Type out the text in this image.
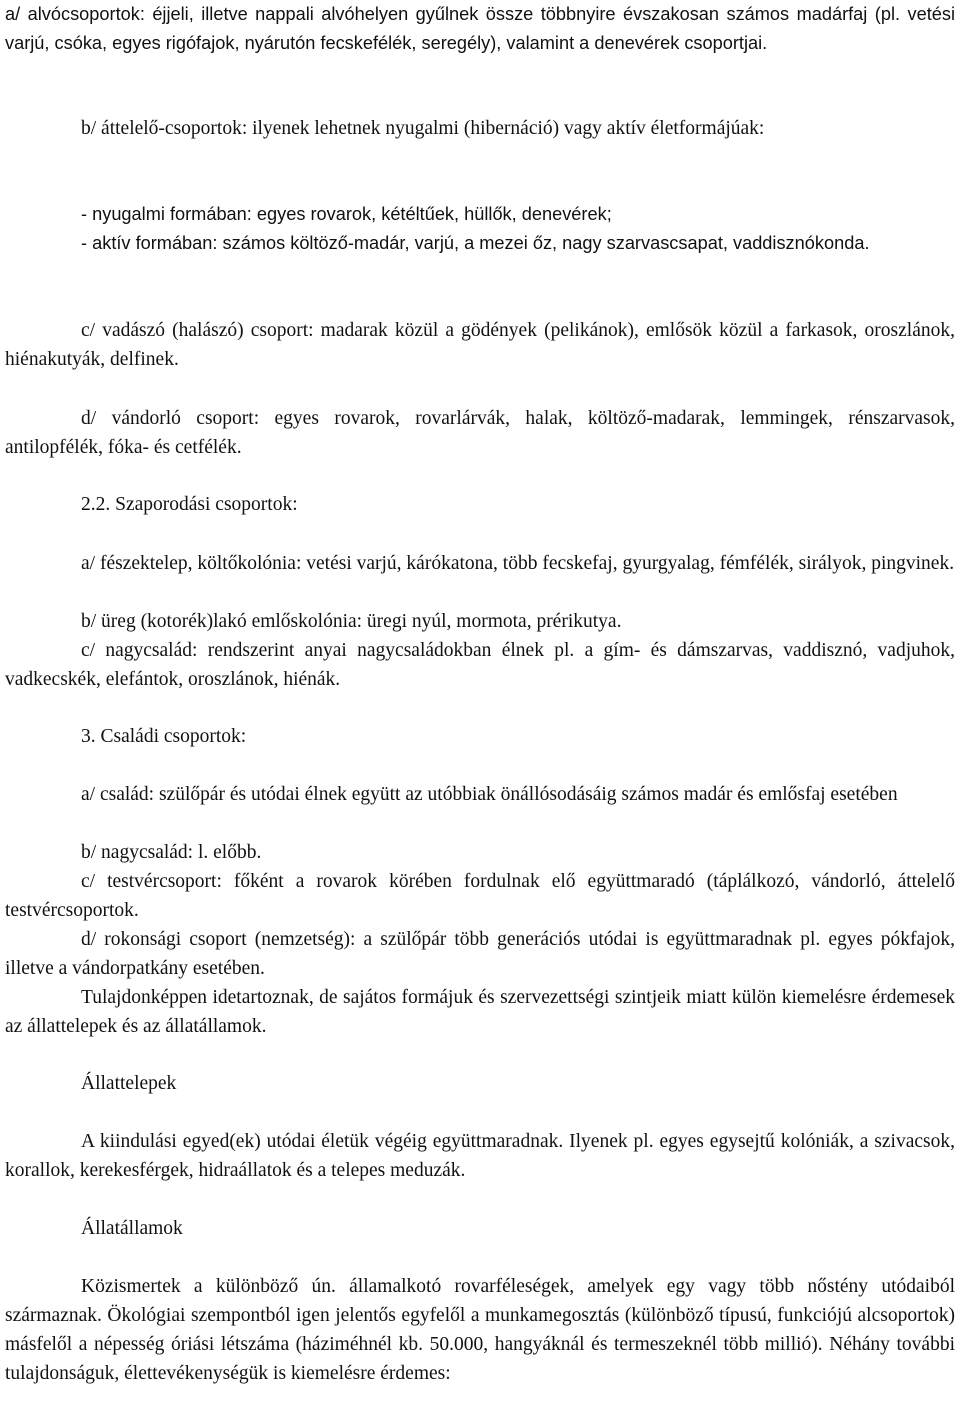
a/ alvócsoportok: éjjeli, illetve nappali alvóhelyen gyűlnek össze többnyire évszakosan számos madárfaj (pl. vetési varjú, csóka, egyes rigófajok, nyárutón fecskefélék, seregély), valamint a denevérek csoportjai.

b/ áttelelő-csoportok: ilyenek lehetnek nyugalmi (hibernáció) vagy aktív életformájúak:

- nyugalmi formában: egyes rovarok, kétéltűek, hüllők, denevérek;

- aktív formában: számos költöző-madár, varjú, a mezei őz, nagy szarvascsapat, vaddisznókonda.

c/ vadászó (halászó) csoport: madarak közül a gödények (pelikánok), emlősök közül a farkasok, oroszlánok, hiénakutyák, delfinek.

d/ vándorló csoport: egyes rovarok, rovarlárvák, halak, költöző-madarak, lemmingek, rénszarvasok, antilopfélék, fóka- és cetfélék.

2.2. Szaporodási csoportok:

a/ fészektelep, költőkolónia: vetési varjú, kárókatona, több fecskefaj, gyurgyalag, fémfélék, sirályok, pingvinek.

b/ üreg (kotorék)lakó emlőskolónia: üregi nyúl, mormota, prérikutya.

c/ nagycsalád: rendszerint anyai nagycsaládokban élnek pl. a gím- és dámszarvas, vaddisznó, vadjuhok, vadkecskék, elefántok, oroszlánok, hiénák.

3. Családi csoportok:

a/ család: szülőpár és utódai élnek együtt az utóbbiak önállósodásáig számos madár és emlősfaj esetében

b/ nagycsalád: l. előbb.

c/ testvércsoport: főként a rovarok körében fordulnak elő együttmaradó (táplálkozó, vándorló, áttelelő testvércsoportok.

d/ rokonsági csoport (nemzetség): a szülőpár több generációs utódai is együttmaradnak pl. egyes pókfajok, illetve a vándorpatkány esetében.

Tulajdonképpen idetartoznak, de sajátos formájuk és szervezettségi szintjeik miatt külön kiemelésre érdemesek az állattelepek és az állatállamok.

Állattelepek

A kiindulási egyed(ek) utódai életük végéig együttmaradnak. Ilyenek pl. egyes egysejtű kolóniák, a szivacsok, korallok, kerekesférgek, hidraállatok és a telepes meduzák.

Állatállamok

Közismertek a különböző ún. államalkotó rovarféleségek, amelyek egy vagy több nőstény utódaiból származnak. Ökológiai szempontból igen jelentős egyfelől a munkamegosztás (különböző típusú, funkciójú alcsoportok) másfelől a népesség óriási létszáma (háziméhnél kb. 50.000, hangyáknál és termeszeknél több millió). Néhány további tulajdonságuk, élettevékenységük is kiemelésre érdemes:
